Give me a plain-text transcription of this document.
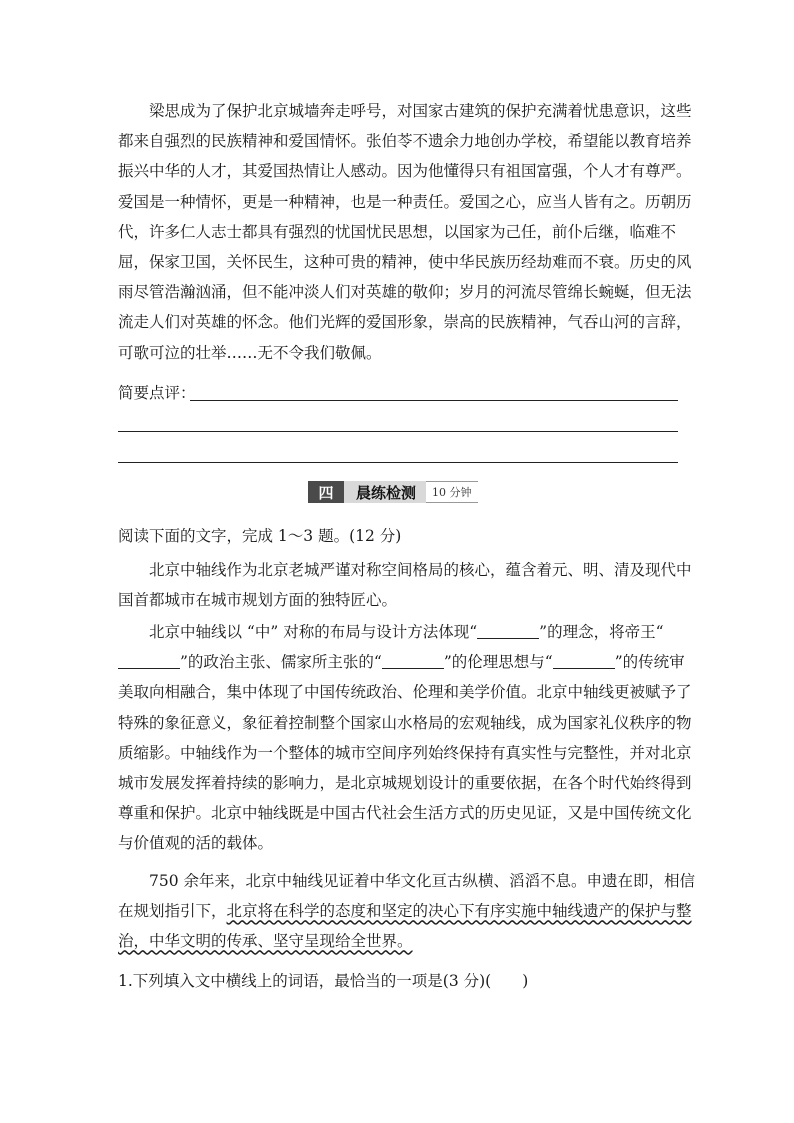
梁思成为了保护北京城墙奔走呼号，对国家古建筑的保护充满着忧患意识，这些都来自强烈的民族精神和爱国情怀。张伯苓不遗余力地创办学校，希望能以教育培养振兴中华的人才，其爱国热情让人感动。因为他懂得只有祖国富强，个人才有尊严。爱国是一种情怀，更是一种精神，也是一种责任。爱国之心，应当人皆有之。历朝历代，许多仁人志士都具有强烈的忧国忧民思想，以国家为己任，前仆后继，临难不屈，保家卫国，关怀民生，这种可贵的精神，使中华民族历经劫难而不衰。历史的风雨尽管浩瀚汹涌，但不能冲淡人们对英雄的敬仰；岁月的河流尽管绵长蜿蜒，但无法流走人们对英雄的怀念。他们光辉的爱国形象，崇高的民族精神，气吞山河的言辞，可歌可泣的壮举……无不令我们敬佩。

简要点评：
四	晨练检测	10 分钟

阅读下面的文字，完成 1～3 题。(12 分)

北京中轴线作为北京老城严谨对称空间格局的核心，蕴含着元、明、清及现代中国首都城市在城市规划方面的独特匠心。

北京中轴线以 “中” 对称的布局与设计方法体现“	”的理念，将帝王“”的政治主张、儒家所主张的“	”的伦理思想与“	”的传统审美取向相融合，集中体现了中国传统政治、伦理和美学价值。北京中轴线更被赋予了特殊的象征意义，象征着控制整个国家山水格局的宏观轴线，成为国家礼仪秩序的物质缩影。中轴线作为一个整体的城市空间序列始终保持有真实性与完整性，并对北京城市发展发挥着持续的影响力，是北京城规划设计的重要依据，在各个时代始终得到尊重和保护。北京中轴线既是中国古代社会生活方式的历史见证，又是中国传统文化与价值观的活的载体。

750 余年来，北京中轴线见证着中华文化亘古纵横、滔滔不息。申遗在即，相信在规划指引下，北京将在科学的态度和坚定的决心下有序实施中轴线遗产的保护与整治，中华文明的传承、坚守呈现给全世界。

1.下列填入文中横线上的词语，最恰当的一项是(3 分)(　　)
